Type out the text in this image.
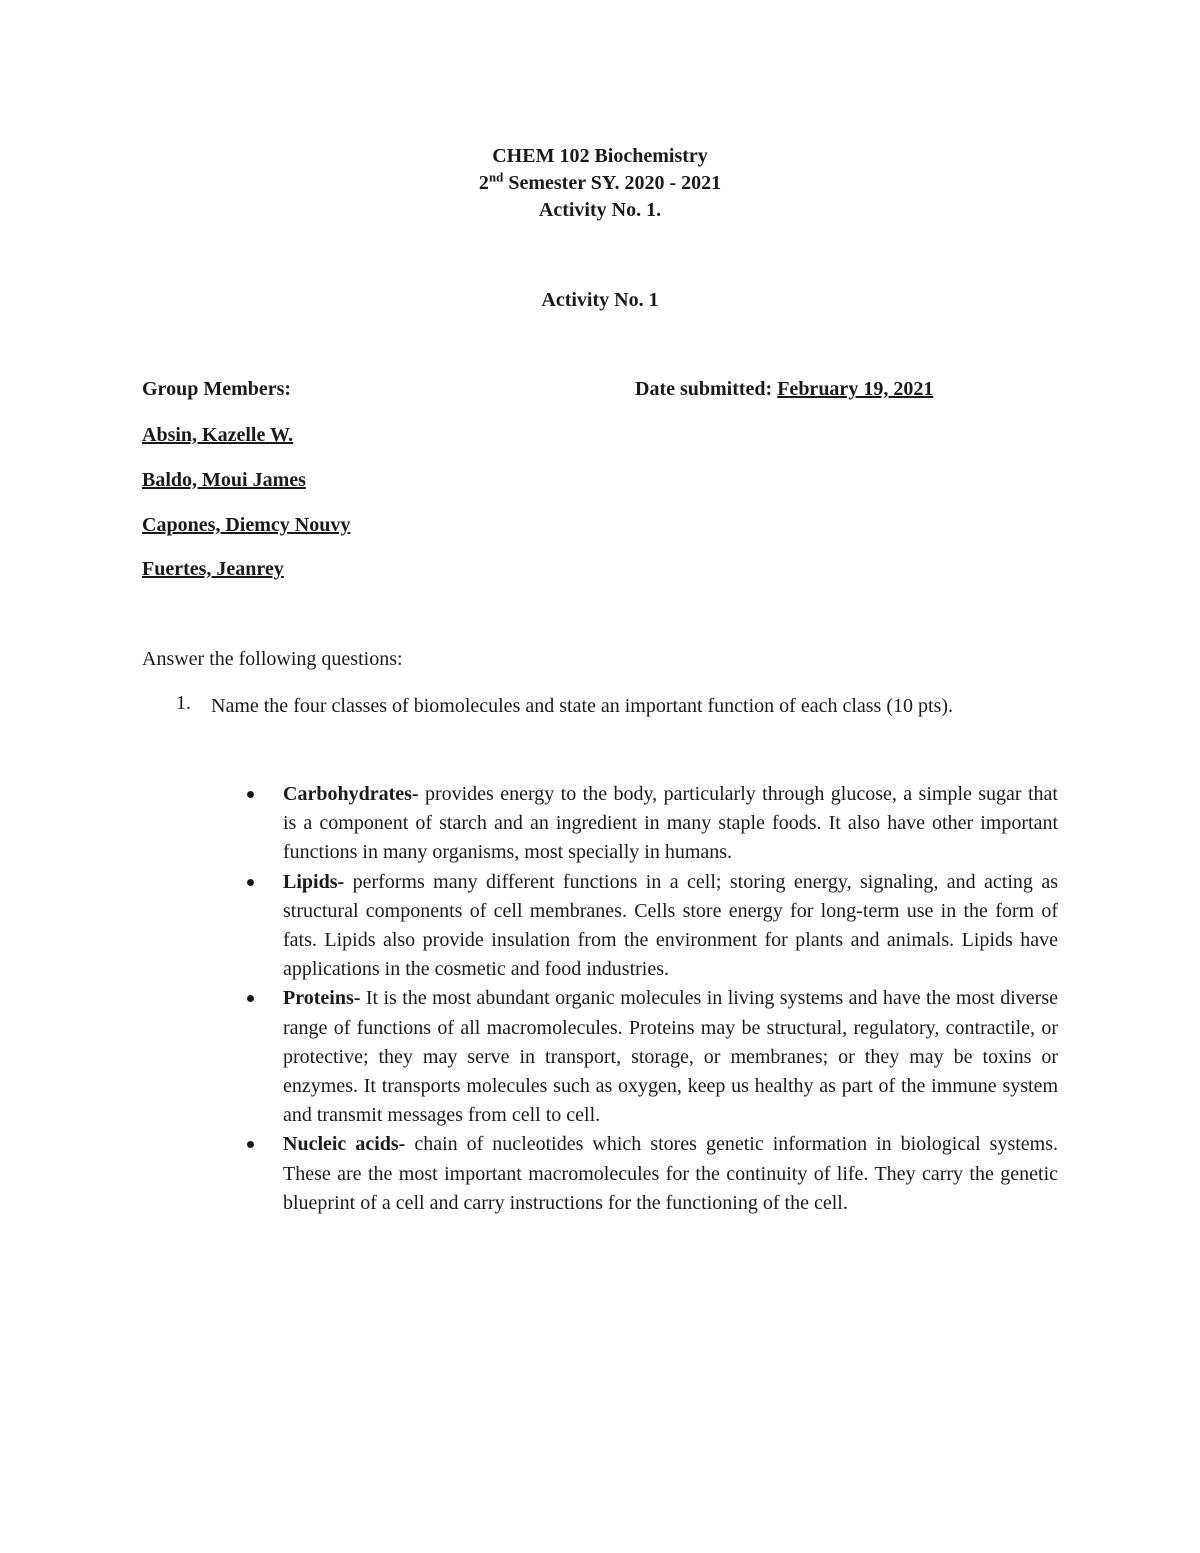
CHEM 102 Biochemistry
2nd Semester SY. 2020 - 2021
Activity No. 1.
Activity No. 1
Group Members:	Date submitted: February 19, 2021
Absin, Kazelle W.
Baldo, Moui James
Capones, Diemcy Nouvy
Fuertes, Jeanrey
Answer the following questions:
1. Name the four classes of biomolecules and state an important function of each class (10 pts).
Carbohydrates- provides energy to the body, particularly through glucose, a simple sugar that is a component of starch and an ingredient in many staple foods. It also have other important functions in many organisms, most specially in humans.
Lipids- performs many different functions in a cell; storing energy, signaling, and acting as structural components of cell membranes. Cells store energy for long-term use in the form of fats. Lipids also provide insulation from the environment for plants and animals. Lipids have applications in the cosmetic and food industries.
Proteins- It is the most abundant organic molecules in living systems and have the most diverse range of functions of all macromolecules. Proteins may be structural, regulatory, contractile, or protective; they may serve in transport, storage, or membranes; or they may be toxins or enzymes. It transports molecules such as oxygen, keep us healthy as part of the immune system and transmit messages from cell to cell.
Nucleic acids- chain of nucleotides which stores genetic information in biological systems. These are the most important macromolecules for the continuity of life. They carry the genetic blueprint of a cell and carry instructions for the functioning of the cell.
